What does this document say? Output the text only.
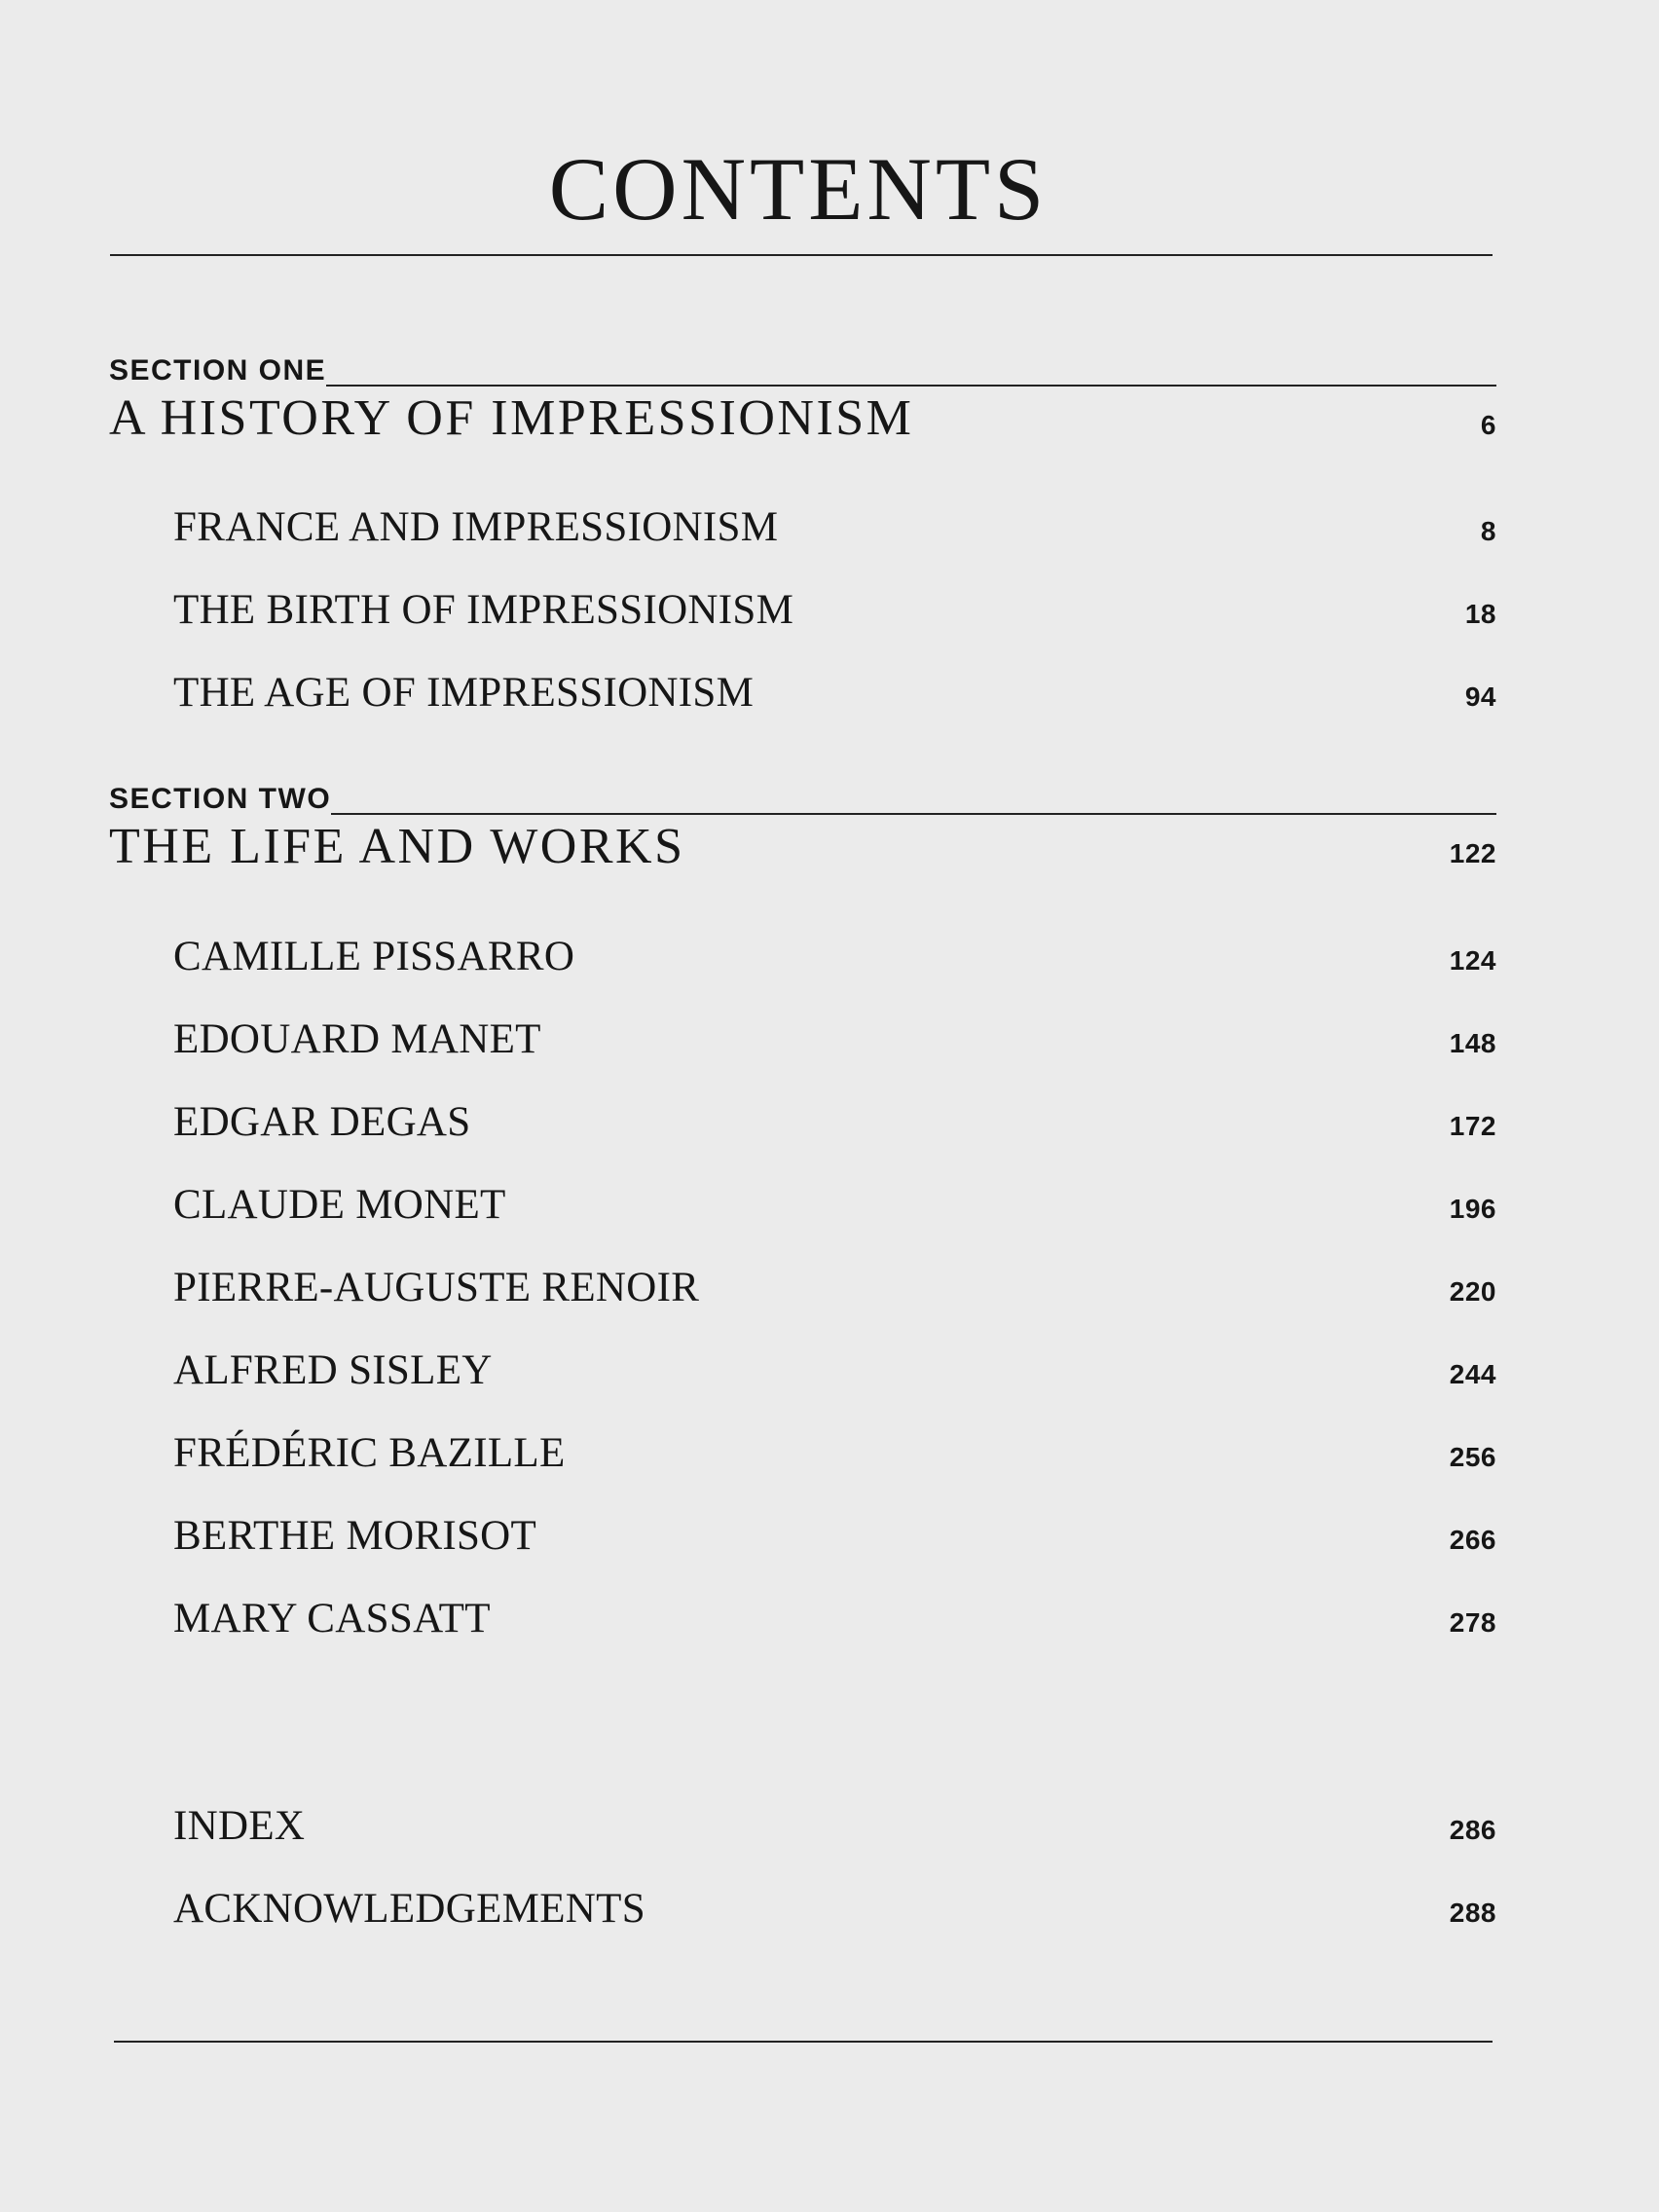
CONTENTS
SECTION ONE
A HISTORY OF IMPRESSIONISM	6
FRANCE AND IMPRESSIONISM	8
THE BIRTH OF IMPRESSIONISM	18
THE AGE OF IMPRESSIONISM	94
SECTION TWO
THE LIFE AND WORKS	122
CAMILLE PISSARRO	124
EDOUARD MANET	148
EDGAR DEGAS	172
CLAUDE MONET	196
PIERRE-AUGUSTE RENOIR	220
ALFRED SISLEY	244
FRÉDÉRIC BAZILLE	256
BERTHE MORISOT	266
MARY CASSATT	278
INDEX	286
ACKNOWLEDGEMENTS	288
